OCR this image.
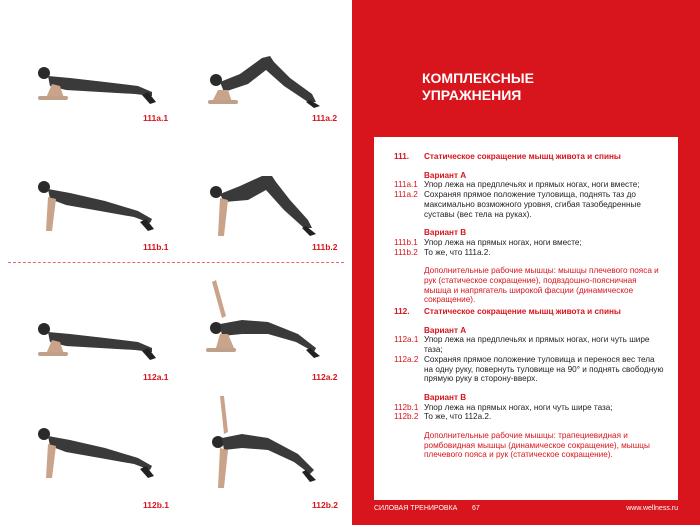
111a.1	111a.2
111b.1	111b.2
112a.1	112a.2
112b.1	112b.2
КОМПЛЕКСНЫЕ
УПРАЖНЕНИЯ
111.	Статическое сокращение мышц живота и спины
Вариант А
111a.1 Упор лежа на предплечьях и прямых ногах, ноги вместе;
111a.2 Сохраняя прямое положение туловища, поднять таз до максимально возможного уровня, сгибая тазобедренные суставы (вес тела на руках).
Вариант В
111b.1 Упор лежа на прямых ногах, ноги вместе;
111b.2 То же, что 111a.2.
Дополнительные рабочие мышцы: мышцы плечевого пояса и рук (статическое сокращение), подвздошно-поясничная мышца и напрягатель широкой фасции (динамическое сокращение).
112.	Статическое сокращение мышц живота и спины
Вариант А
112a.1 Упор лежа на предплечьях и прямых ногах, ноги чуть шире таза;
112a.2 Сохраняя прямое положение туловища и перенося вес тела на одну руку, повернуть туловище на 90° и поднять свободную прямую руку в сторону-вверх.
Вариант В
112b.1 Упор лежа на прямых ногах, ноги чуть шире таза;
112b.2 То же, что 112a.2.
Дополнительные рабочие мышцы: трапециевидная и ромбовидная мышцы (динамическое сокращение), мышцы плечевого пояса и рук (статическое сокращение).
СИЛОВАЯ ТРЕНИРОВКА 67	www.wellness.ru
